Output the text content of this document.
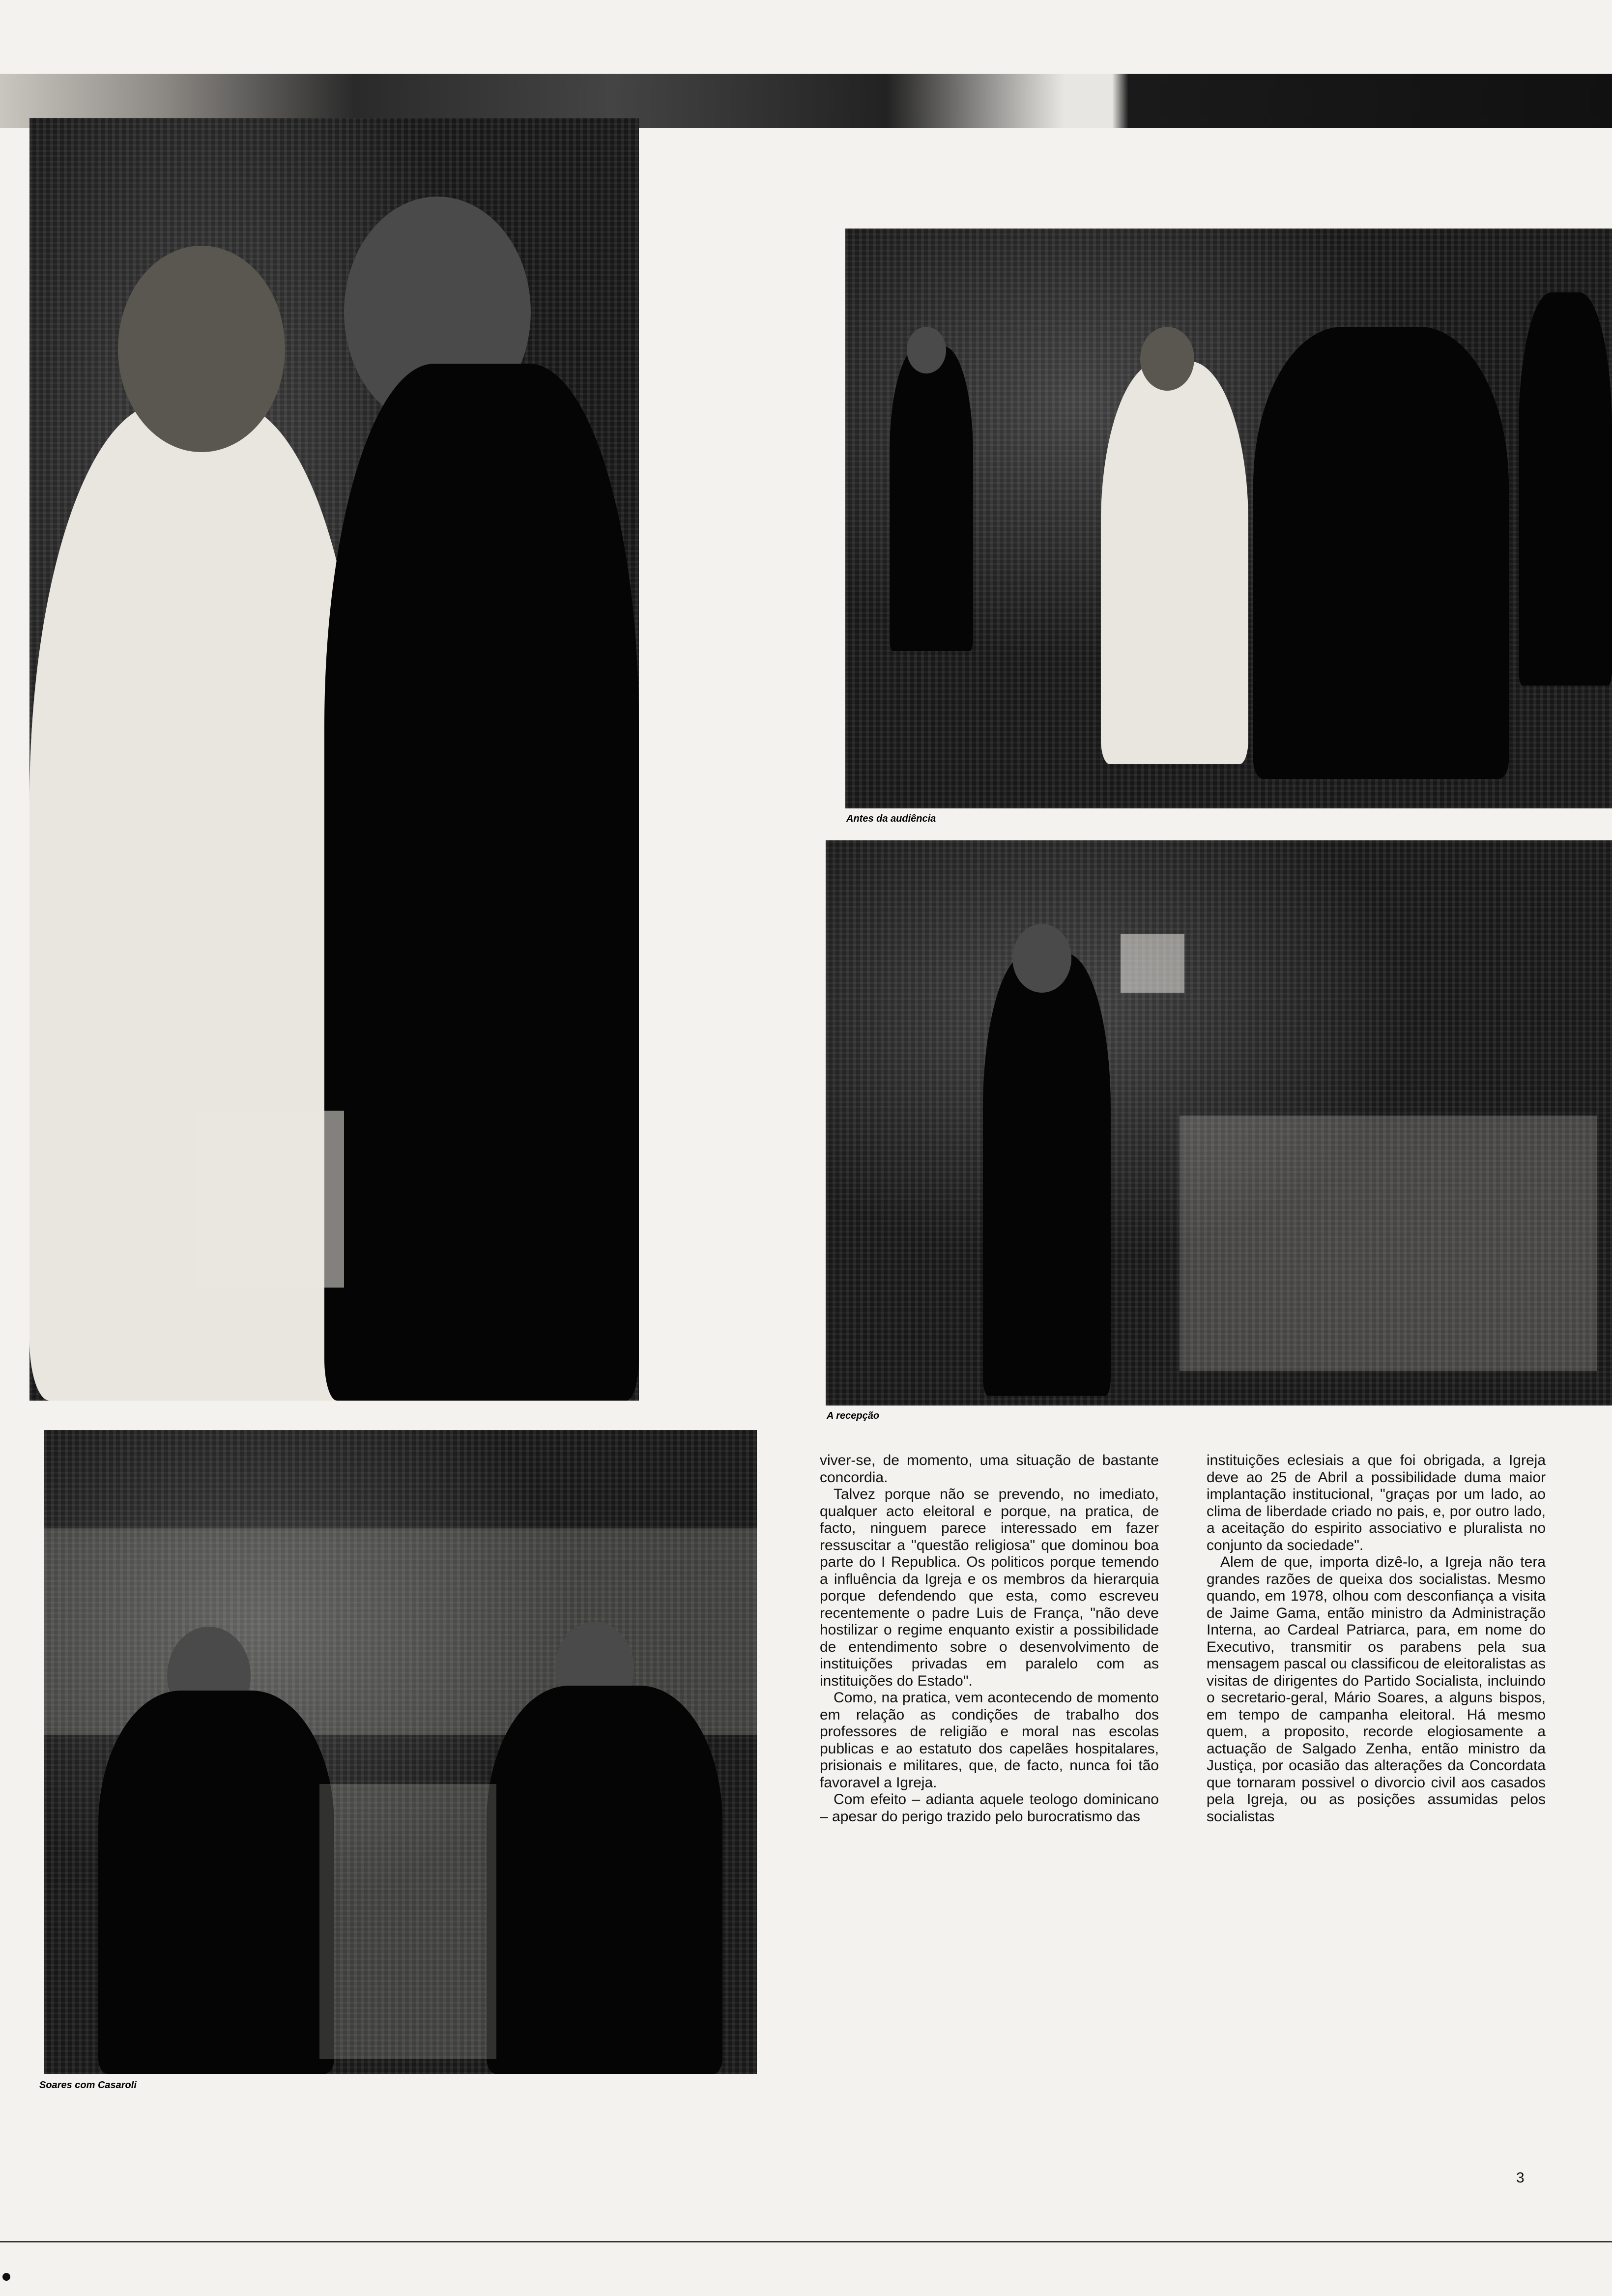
Antes da audiência
A recepção
Soares com Casaroli

viver-se, de momento, uma situação de bastante concordia.

Talvez porque não se prevendo, no imediato, qualquer acto eleitoral e porque, na pratica, de facto, ninguem parece interessado em fazer ressuscitar a "questão religiosa" que dominou boa parte do I Republica. Os politicos porque temendo a influência da Igreja e os membros da hierarquia porque defendendo que esta, como escreveu recentemente o padre Luis de França, "não deve hostilizar o regime enquanto existir a possibilidade de entendimento sobre o desenvolvimento de instituições privadas em paralelo com as instituições do Estado".

Como, na pratica, vem acontecendo de momento em relação as condições de trabalho dos professores de religião e moral nas escolas publicas e ao estatuto dos capelães hospitalares, prisionais e militares, que, de facto, nunca foi tão favoravel a Igreja.

Com efeito – adianta aquele teologo dominicano – apesar do perigo trazido pelo burocratismo das

instituições eclesiais a que foi obrigada, a Igreja deve ao 25 de Abril a possibilidade duma maior implantação institucional, "graças por um lado, ao clima de liberdade criado no pais, e, por outro lado, a aceitação do espirito associativo e pluralista no conjunto da sociedade".

Alem de que, importa dizê-lo, a Igreja não tera grandes razões de queixa dos socialistas. Mesmo quando, em 1978, olhou com desconfiança a visita de Jaime Gama, então ministro da Administração Interna, ao Cardeal Patriarca, para, em nome do Executivo, transmitir os parabens pela sua mensagem pascal ou classificou de eleitoralistas as visitas de dirigentes do Partido Socialista, incluindo o secretario-geral, Mário Soares, a alguns bispos, em tempo de campanha eleitoral. Há mesmo quem, a proposito, recorde elogiosamente a actuação de Salgado Zenha, então ministro da Justiça, por ocasião das alterações da Concordata que tornaram possivel o divorcio civil aos casados pela Igreja, ou as posições assumidas pelos socialistas

3
